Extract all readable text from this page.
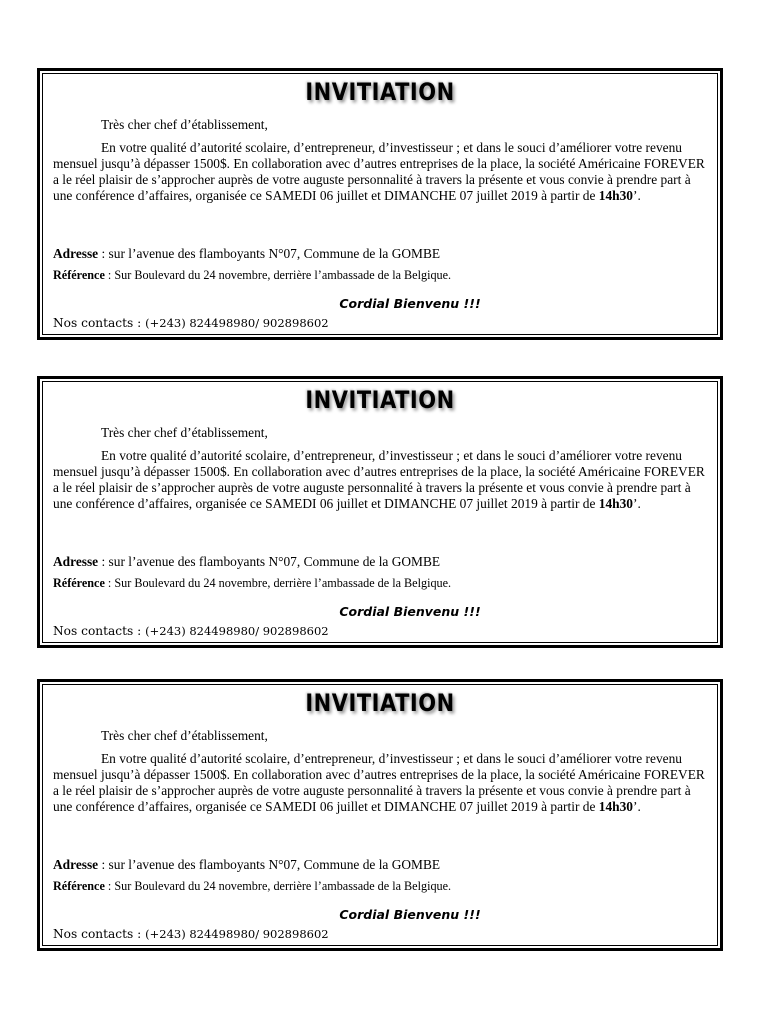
INVITIATION
Très cher chef d’établissement,
En votre qualité d’autorité scolaire, d’entrepreneur, d’investisseur ; et dans le souci d’améliorer votre revenu mensuel jusqu’à dépasser 1500$. En collaboration avec d’autres entreprises de la place, la société Américaine FOREVER a le réel plaisir de s’approcher auprès de votre auguste personnalité à travers la présente et vous convie à prendre part à une conférence d’affaires, organisée ce SAMEDI 06 juillet et DIMANCHE 07 juillet 2019 à partir de 14h30’.
Adresse : sur l’avenue des flamboyants N°07, Commune de la GOMBE
Référence : Sur Boulevard du 24 novembre, derrière l’ambassade de la Belgique.
Cordial Bienvenu !!!
Nos contacts : (+243) 824498980/ 902898602
INVITIATION
Très cher chef d’établissement,
En votre qualité d’autorité scolaire, d’entrepreneur, d’investisseur ; et dans le souci d’améliorer votre revenu mensuel jusqu’à dépasser 1500$. En collaboration avec d’autres entreprises de la place, la société Américaine FOREVER a le réel plaisir de s’approcher auprès de votre auguste personnalité à travers la présente et vous convie à prendre part à une conférence d’affaires, organisée ce SAMEDI 06 juillet et DIMANCHE 07 juillet 2019 à partir de 14h30’.
Adresse : sur l’avenue des flamboyants N°07, Commune de la GOMBE
Référence : Sur Boulevard du 24 novembre, derrière l’ambassade de la Belgique.
Cordial Bienvenu !!!
Nos contacts : (+243) 824498980/ 902898602
INVITIATION
Très cher chef d’établissement,
En votre qualité d’autorité scolaire, d’entrepreneur, d’investisseur ; et dans le souci d’améliorer votre revenu mensuel jusqu’à dépasser 1500$. En collaboration avec d’autres entreprises de la place, la société Américaine FOREVER a le réel plaisir de s’approcher auprès de votre auguste personnalité à travers la présente et vous convie à prendre part à une conférence d’affaires, organisée ce SAMEDI 06 juillet et DIMANCHE 07 juillet 2019 à partir de 14h30’.
Adresse : sur l’avenue des flamboyants N°07, Commune de la GOMBE
Référence : Sur Boulevard du 24 novembre, derrière l’ambassade de la Belgique.
Cordial Bienvenu !!!
Nos contacts : (+243) 824498980/ 902898602
